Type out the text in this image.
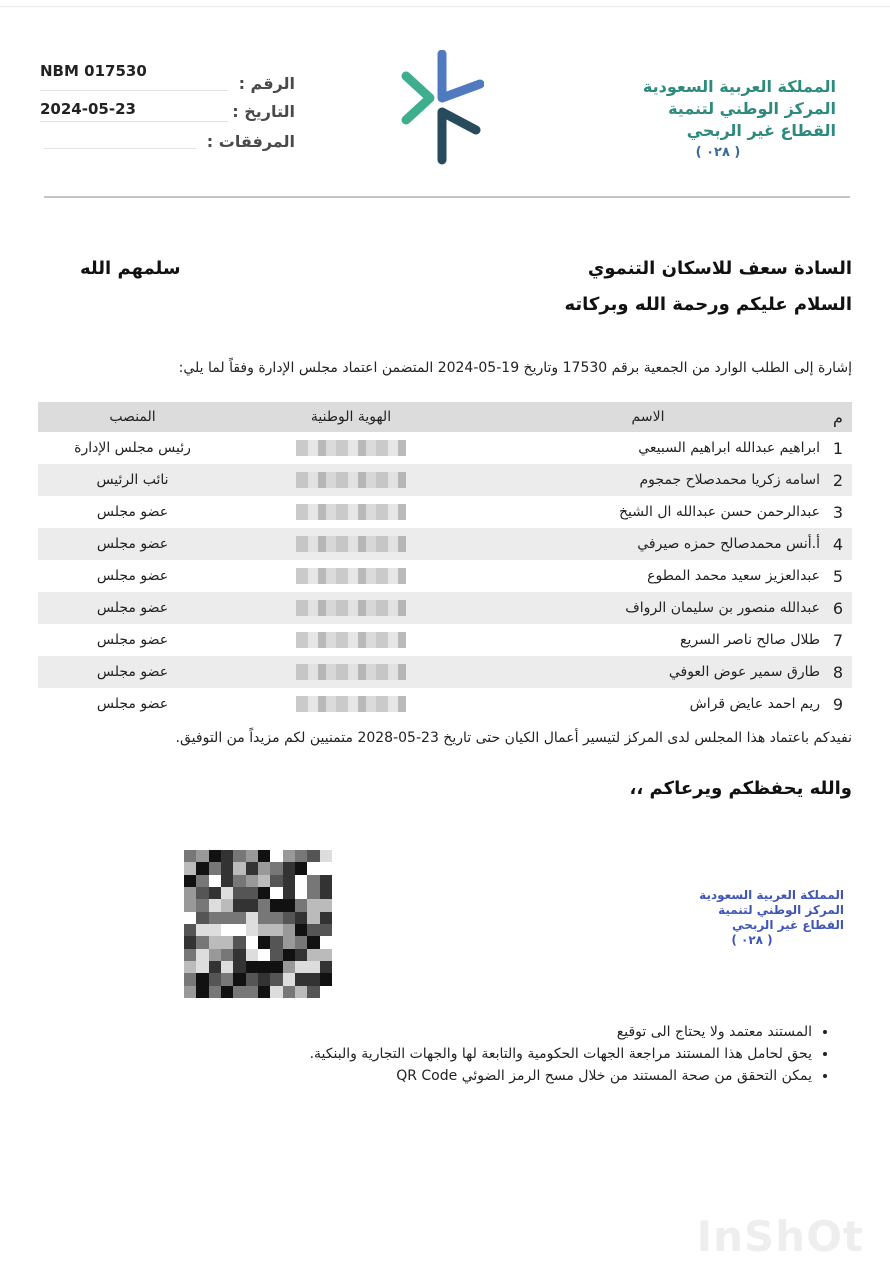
NBM 017530
الرقم :
2024-05-23	التاريخ :
المرفقات :
المملكة العربية السعودية
المركز الوطني لتنمية
القطاع غير الربحي
( ٠٢٨ )
السادة سعف للاسكان التنموي
سلمهم الله
السلام عليكم ورحمة الله وبركاته
إشارة إلى الطلب الوارد من الجمعية برقم 17530 وتاريخ 19-05-2024 المتضمن اعتماد مجلس الإدارة وفقاً لما يلي:
م	الاسم	الهوية الوطنية	المنصب
1	ابراهيم عبدالله ابراهيم السبيعي		رئيس مجلس الإدارة
2	اسامه زكريا محمدصلاح جمجوم		نائب الرئيس
3	عبدالرحمن حسن عبدالله ال الشيخ		عضو مجلس
4	أ.أنس محمدصالح حمزه صيرفي		عضو مجلس
5	عبدالعزيز سعيد محمد المطوع		عضو مجلس
6	عبدالله منصور بن سليمان الرواف		عضو مجلس
7	طلال صالح ناصر السريع		عضو مجلس
8	طارق سمير عوض العوفي		عضو مجلس
9	ريم احمد عايض قراش		عضو مجلس
نفيدكم باعتماد هذا المجلس لدى المركز لتيسير أعمال الكيان حتى تاريخ 23-05-2028 متمنيين لكم مزيداً من التوفيق.
والله يحفظكم ويرعاكم ،،
المملكة العربية السعودية
المركز الوطني لتنمية
القطاع غير الربحي
( ٠٢٨ )
• المستند معتمد ولا يحتاج الى توقيع
• يحق لحامل هذا المستند مراجعة الجهات الحكومية والتابعة لها والجهات التجارية والبنكية.
• يمكن التحقق من صحة المستند من خلال مسح الرمز الضوئي QR Code
InShOt
